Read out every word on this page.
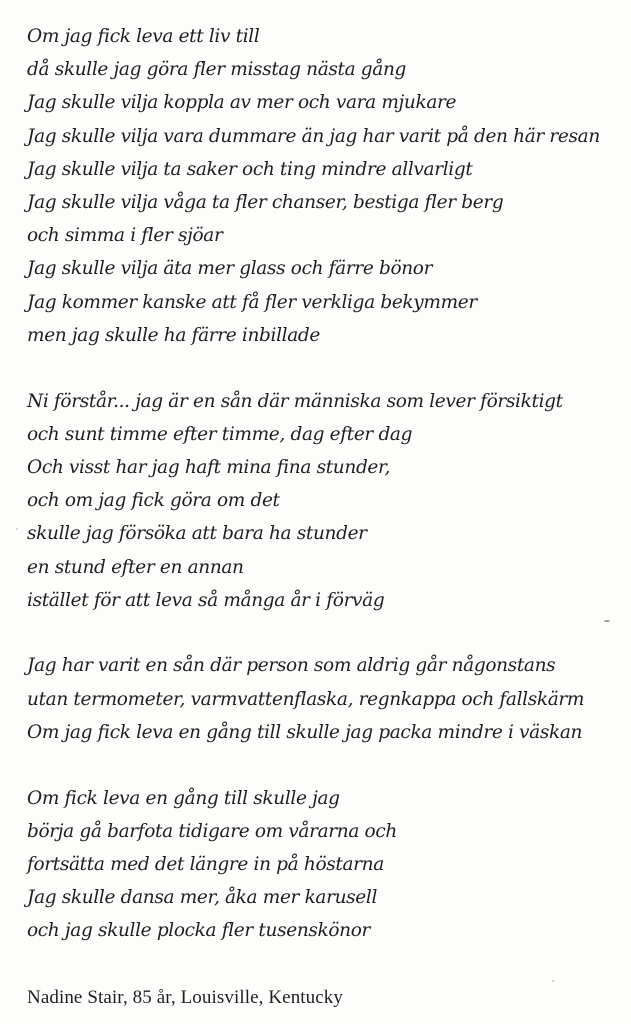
Om jag fick leva ett liv till
då skulle jag göra fler misstag nästa gång
Jag skulle vilja koppla av mer och vara mjukare
Jag skulle vilja vara dummare än jag har varit på den här resan
Jag skulle vilja ta saker och ting mindre allvarligt
Jag skulle vilja våga ta fler chanser, bestiga fler berg
och simma i fler sjöar
Jag skulle vilja äta mer glass och färre bönor
Jag kommer kanske att få fler verkliga bekymmer
men jag skulle ha färre inbillade

Ni förstår... jag är en sån där människa som lever försiktigt
och sunt timme efter timme, dag efter dag
Och visst har jag haft mina fina stunder,
och om jag fick göra om det
skulle jag försöka att bara ha stunder
en stund efter en annan
istället för att leva så många år i förväg

Jag har varit en sån där person som aldrig går någonstans
utan termometer, varmvattenflaska, regnkappa och fallskärm
Om jag fick leva en gång till skulle jag packa mindre i väskan

Om fick leva en gång till skulle jag
börja gå barfota tidigare om vårarna och
fortsätta med det längre in på höstarna
Jag skulle dansa mer, åka mer karusell
och jag skulle plocka fler tusenskönor

Nadine Stair, 85 år, Louisville, Kentucky
